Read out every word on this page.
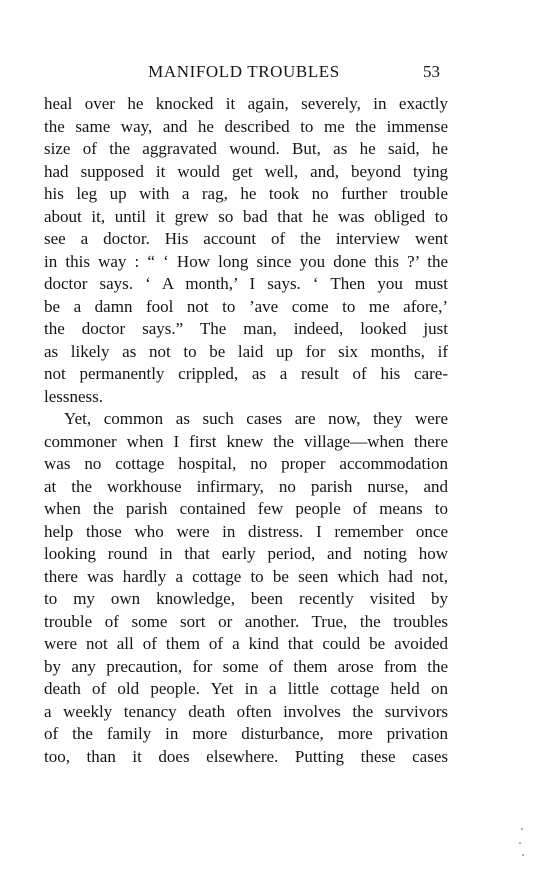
MANIFOLD TROUBLES	53
heal over he knocked it again, severely, in exactly
the same way, and he described to me the immense
size of the aggravated wound. But, as he said, he
had supposed it would get well, and, beyond tying
his leg up with a rag, he took no further trouble
about it, until it grew so bad that he was obliged to
see a doctor. His account of the interview went
in this way : “ ‘ How long since you done this ?’ the
doctor says. ‘ A month,’ I says. ‘ Then you must
be a damn fool not to ’ave come to me afore,’
the doctor says.” The man, indeed, looked just
as likely as not to be laid up for six months, if
not permanently crippled, as a result of his care-
lessness.
Yet, common as such cases are now, they were
commoner when I first knew the village—when there
was no cottage hospital, no proper accommodation
at the workhouse infirmary, no parish nurse, and
when the parish contained few people of means to
help those who were in distress. I remember once
looking round in that early period, and noting how
there was hardly a cottage to be seen which had not,
to my own knowledge, been recently visited by
trouble of some sort or another. True, the troubles
were not all of them of a kind that could be avoided
by any precaution, for some of them arose from the
death of old people. Yet in a little cottage held on
a weekly tenancy death often involves the survivors
of the family in more disturbance, more privation
too, than it does elsewhere. Putting these cases
